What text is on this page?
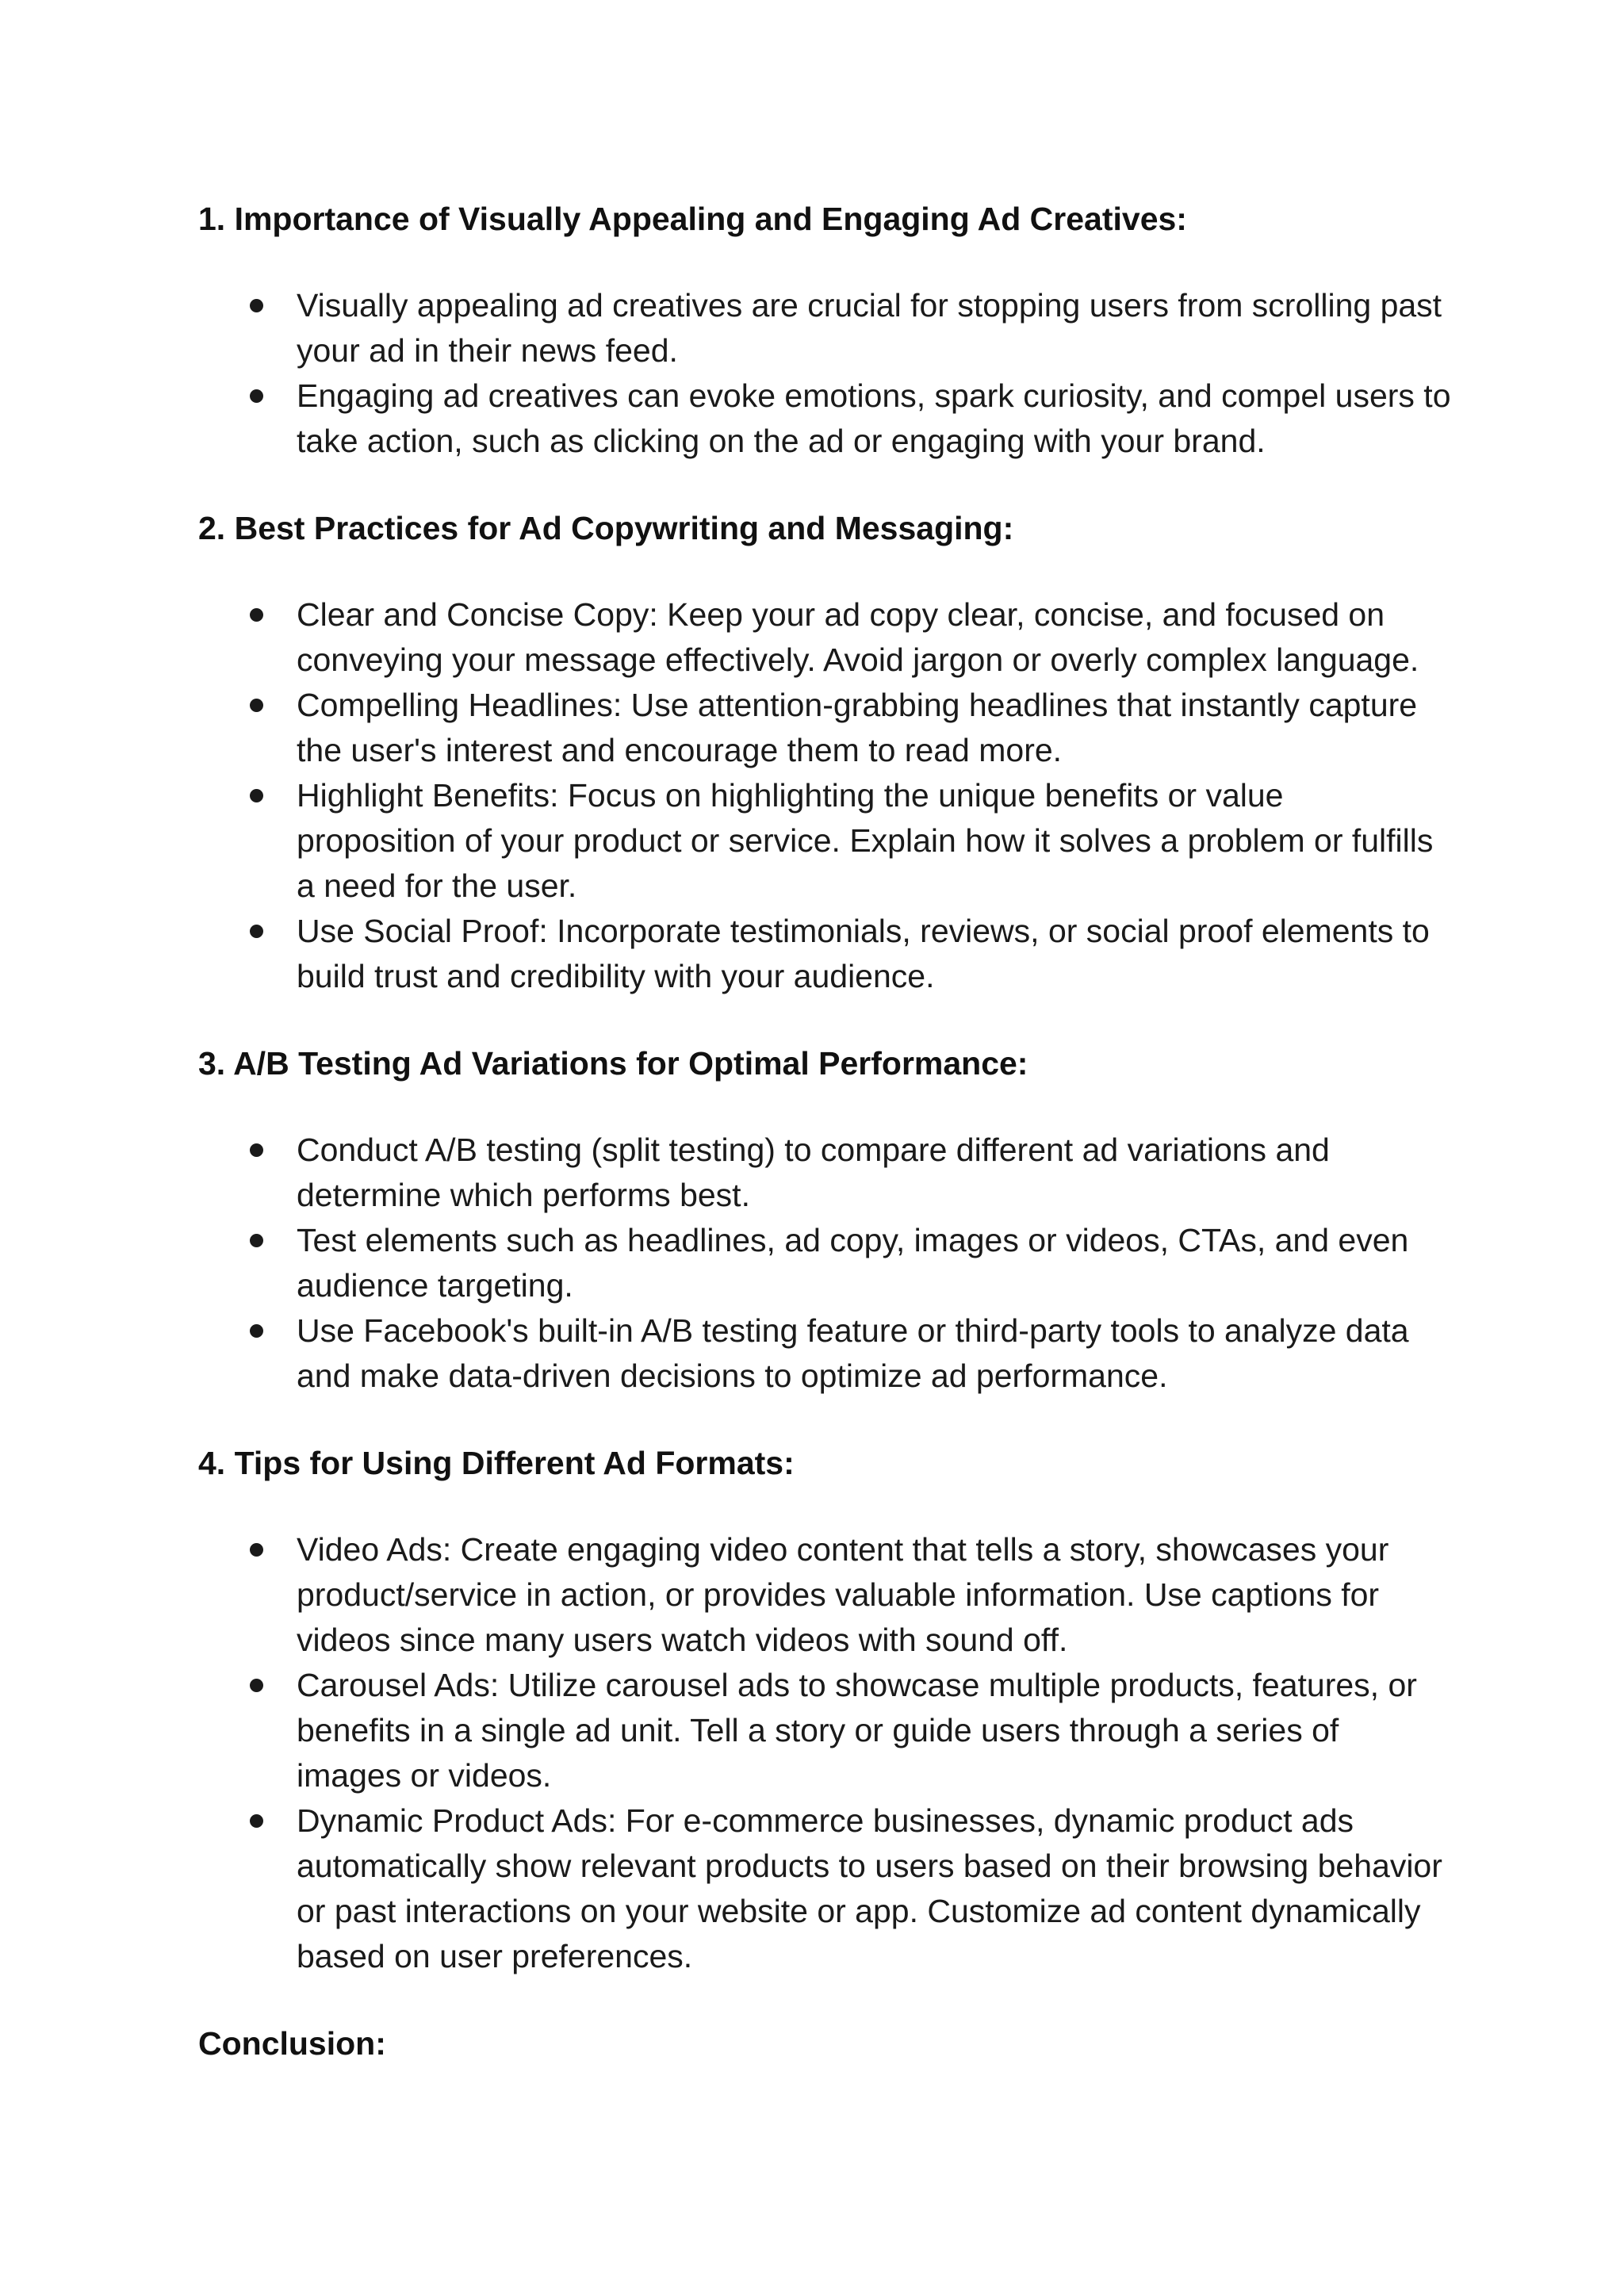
1. Importance of Visually Appealing and Engaging Ad Creatives:
Visually appealing ad creatives are crucial for stopping users from scrolling past your ad in their news feed.
Engaging ad creatives can evoke emotions, spark curiosity, and compel users to take action, such as clicking on the ad or engaging with your brand.
2. Best Practices for Ad Copywriting and Messaging:
Clear and Concise Copy: Keep your ad copy clear, concise, and focused on conveying your message effectively. Avoid jargon or overly complex language.
Compelling Headlines: Use attention-grabbing headlines that instantly capture the user's interest and encourage them to read more.
Highlight Benefits: Focus on highlighting the unique benefits or value proposition of your product or service. Explain how it solves a problem or fulfills a need for the user.
Use Social Proof: Incorporate testimonials, reviews, or social proof elements to build trust and credibility with your audience.
3. A/B Testing Ad Variations for Optimal Performance:
Conduct A/B testing (split testing) to compare different ad variations and determine which performs best.
Test elements such as headlines, ad copy, images or videos, CTAs, and even audience targeting.
Use Facebook's built-in A/B testing feature or third-party tools to analyze data and make data-driven decisions to optimize ad performance.
4. Tips for Using Different Ad Formats:
Video Ads: Create engaging video content that tells a story, showcases your product/service in action, or provides valuable information. Use captions for videos since many users watch videos with sound off.
Carousel Ads: Utilize carousel ads to showcase multiple products, features, or benefits in a single ad unit. Tell a story or guide users through a series of images or videos.
Dynamic Product Ads: For e-commerce businesses, dynamic product ads automatically show relevant products to users based on their browsing behavior or past interactions on your website or app. Customize ad content dynamically based on user preferences.
Conclusion:
